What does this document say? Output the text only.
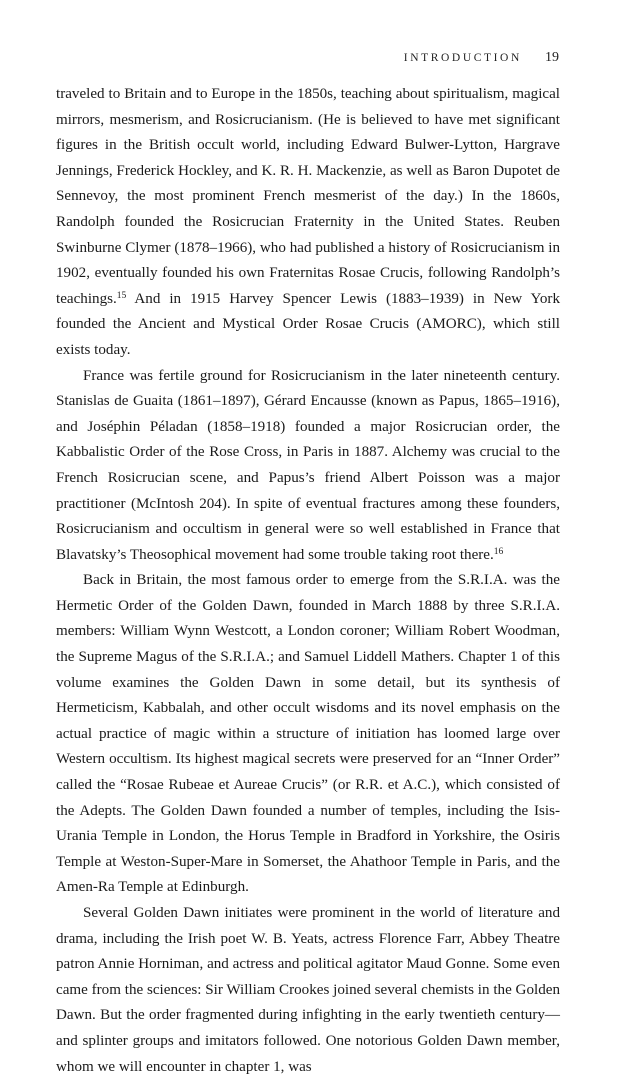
INTRODUCTION 19

traveled to Britain and to Europe in the 1850s, teaching about spiritualism, magical mirrors, mesmerism, and Rosicrucianism. (He is believed to have met significant figures in the British occult world, including Edward Bulwer-Lytton, Hargrave Jennings, Frederick Hockley, and K. R. H. Mackenzie, as well as Baron Dupotet de Sennevoy, the most prominent French mesmerist of the day.) In the 1860s, Randolph founded the Rosicrucian Fraternity in the United States. Reuben Swinburne Clymer (1878–1966), who had published a history of Rosicrucianism in 1902, eventually founded his own Fraternitas Rosae Crucis, following Randolph’s teachings.$^{15}$ And in 1915 Harvey Spencer Lewis (1883–1939) in New York founded the Ancient and Mystical Order Rosae Crucis (AMORC), which still exists today.

France was fertile ground for Rosicrucianism in the later nineteenth century. Stanislas de Guaita (1861–1897), Gérard Encausse (known as Papus, 1865–1916), and Joséphin Péladan (1858–1918) founded a major Rosicrucian order, the Kabbalistic Order of the Rose Cross, in Paris in 1887. Alchemy was crucial to the French Rosicrucian scene, and Papus’s friend Albert Poisson was a major practitioner (McIntosh 204). In spite of eventual fractures among these founders, Rosicrucianism and occultism in general were so well established in France that Blavatsky’s Theosophical movement had some trouble taking root there.$^{16}$

Back in Britain, the most famous order to emerge from the S.R.I.A. was the Hermetic Order of the Golden Dawn, founded in March 1888 by three S.R.I.A. members: William Wynn Westcott, a London coroner; William Robert Woodman, the Supreme Magus of the S.R.I.A.; and Samuel Liddell Mathers. Chapter 1 of this volume examines the Golden Dawn in some detail, but its synthesis of Hermeticism, Kabbalah, and other occult wisdoms and its novel emphasis on the actual practice of magic within a structure of initiation has loomed large over Western occultism. Its highest magical secrets were preserved for an “Inner Order” called the “Rosae Rubeae et Aureae Crucis” (or R.R. et A.C.), which consisted of the Adepts. The Golden Dawn founded a number of temples, including the Isis-Urania Temple in London, the Horus Temple in Bradford in Yorkshire, the Osiris Temple at Weston-Super-Mare in Somerset, the Ahathoor Temple in Paris, and the Amen-Ra Temple at Edinburgh.

Several Golden Dawn initiates were prominent in the world of literature and drama, including the Irish poet W. B. Yeats, actress Florence Farr, Abbey Theatre patron Annie Horniman, and actress and political agitator Maud Gonne. Some even came from the sciences: Sir William Crookes joined several chemists in the Golden Dawn. But the order fragmented during infighting in the early twentieth century—and splinter groups and imitators followed. One notorious Golden Dawn member, whom we will encounter in chapter 1, was
